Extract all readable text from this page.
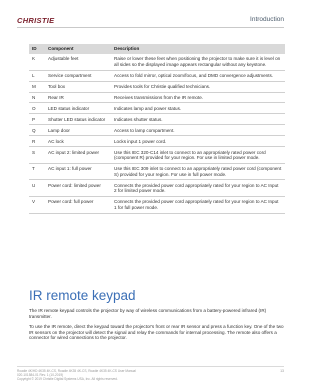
CHRISTIE	Introduction
ID	Component	Description
K	Adjustable feet	Raise or lower these feet when positioning the projector to make sure it is level on all sides so the displayed image appears rectangular without any keystone.
L	Service compartment	Access to fold mirror, optical zoom/focus, and DMD convergence adjustments.
M	Tool box	Provides tools for Christie qualified technicians.
N	Rear IR	Receives transmissions from the IR remote.
O	LED status indicator	Indicates lamp and power status.
P	Shutter LED status indicator	Indicates shutter status.
Q	Lamp door	Access to lamp compartment.
R	AC lock	Locks input 1 power cord.
S	AC input 2: limited power	Use this IEC 320-C14 inlet to connect to an appropriately rated power cord (component R) provided for your region. For use in limited power mode.
T	AC input 1: full power	Use this IEC 309 inlet to connect to an appropriately rated power cord (component S) provided for your region. For use in full power mode.
U	Power cord: limited power	Connects the provided power cord appropriately rated for your region to AC Input 2 for limited power mode.
V	Power cord: full power	Connects the provided power cord appropriately rated for your region to AC Input 1 for full power mode.
IR remote keypad
The IR remote keypad controls the projector by way of wireless communications from a battery-powered infrared (IR) transmitter.
To use the IR remote, direct the keypad toward the projector's front or rear IR sensor and press a function key. One of the two IR sensors on the projector will detect the signal and relay the commands for internal processing. The remote also offers a connector for wired connections to the projector.
Roadie 4K/HD 4K35 4K-CS, Roadie 4K35 4K-CS, Roadie 4K35 4K-CS User Manual
020-101584-01 Rev. 1 (10-2019)
Copyright © 2019 Christie Digital Systems USA, Inc. All rights reserved.
13
